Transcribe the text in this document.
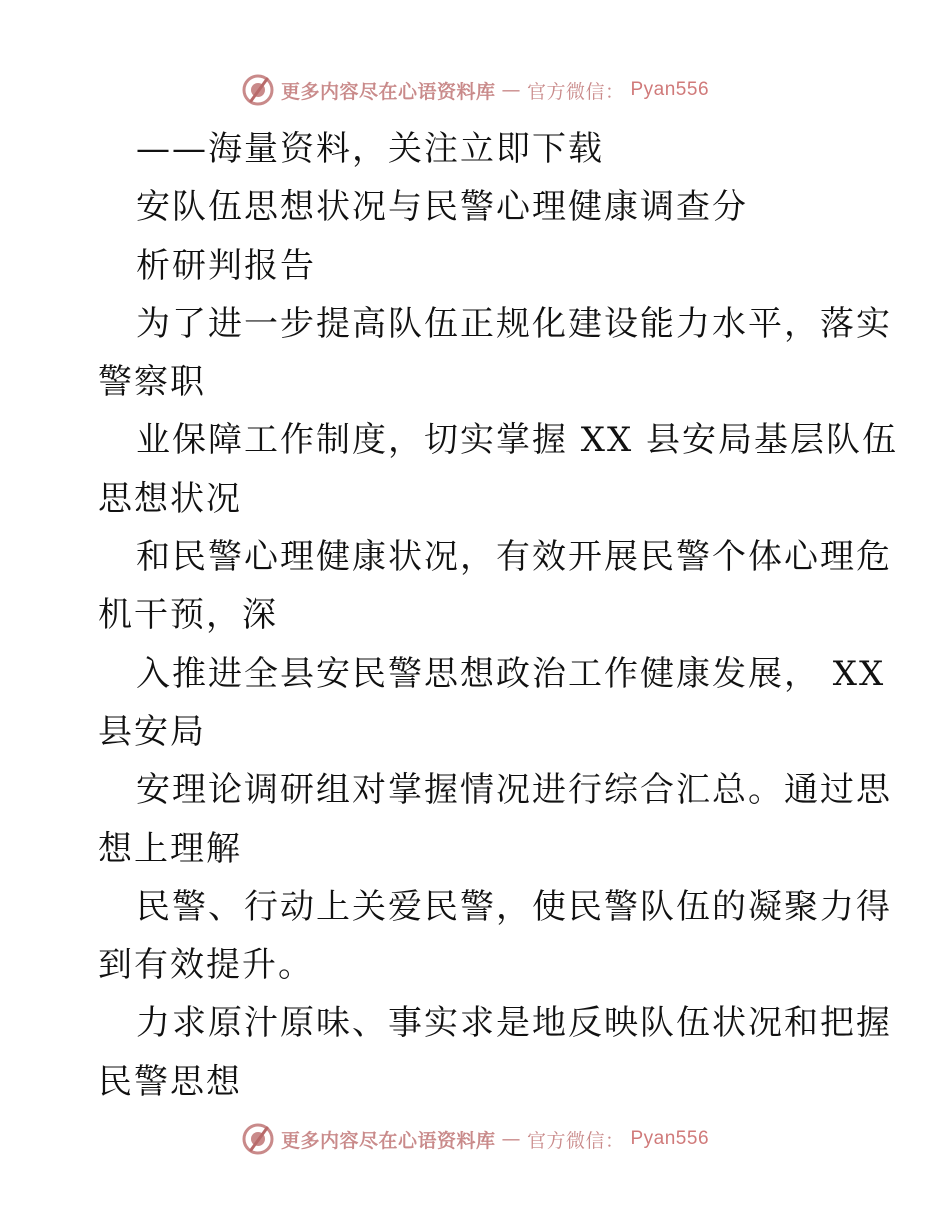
更多内容尽在心语资料库 — 官方微信： Pyan556
——海量资料，关注立即下载
安队伍思想状况与民警心理健康调查分
析研判报告
为了进一步提高队伍正规化建设能力水平，落实
警察职
业保障工作制度，切实掌握 XX 县安局基层队伍
思想状况
和民警心理健康状况，有效开展民警个体心理危
机干预，深
入推进全县安民警思想政治工作健康发展， XX
县安局
安理论调研组对掌握情况进行综合汇总。通过思
想上理解
民警、行动上关爱民警，使民警队伍的凝聚力得
到有效提升。
力求原汁原味、事实求是地反映队伍状况和把握
民警思想
更多内容尽在心语资料库 — 官方微信： Pyan556
